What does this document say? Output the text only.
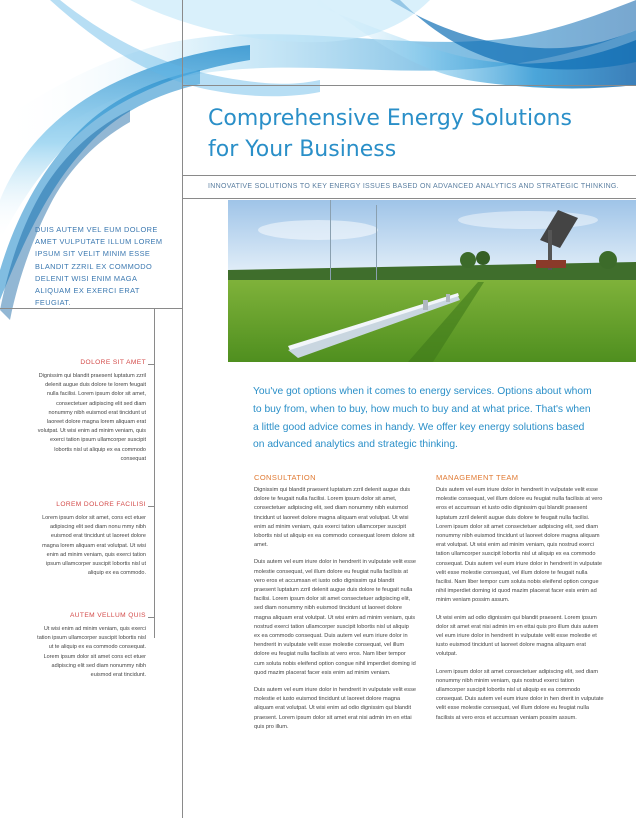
Comprehensive Energy Solutions
for Your Business
INNOVATIVE SOLUTIONS TO KEY ENERGY ISSUES BASED ON ADVANCED ANALYTICS AND STRATEGIC THINKING.
DUIS AUTEM VEL EUM DOLORE AMET VULPUTATE ILLUM LOREM IPSUM SIT VELIT MINIM ESSE BLANDIT ZZRIL EX COMMODO DELENIT WISI ENIM MAGA ALIQUAM EX EXERCI ERAT FEUGIAT.
You've got options when it comes to energy services. Options about whom to buy from, when to buy, how much to buy and at what price. That's when a little good advice comes in handy. We offer key energy solutions based on advanced analytics and strategic thinking.
DOLORE SIT AMET
Dignissim qui blandit praesent luptatum zzril delenit augue duis dolore te lorem feugait nulla facilisi. Lorem ipsum dolor sit amet, consectetuer adipiscing elit sed diam nonummy nibh euismod erat tincidunt ut laoreet dolore magna lorem aliquam erat volutpat. Ut wisi enim ad minim veniam, quis exerci tation ipsum ullamcorper suscipit lobortis nisl ut aliquip ex ea commodo consequat
LOREM DOLORE FACILISI
Lorem ipsum dolor sit amet, cons ect etuer adipiscing elit sed diam nonu mmy nibh euismod erat tincidunt ut laoreet dolore magna lorem aliquam erat volutpat. Ut wisi enim ad minim veniam, quis exerci tation ipsum ullamcorper suscipit lobortis nisl ut aliquip ex ea commodo.
AUTEM VELLUM QUIS
Ut wisi enim ad minim veniam, quis exerci tation ipsum ullamcorper suscipit lobortis nisl ut te aliquip ex ea commodo consequat. Lorem ipsum dolor sit amet cons ect etuer adipiscing elit sed diam nonummy nibh euismod erat tincidunt.
CONSULTATION

Dignissim qui blandit praesent luptatum zzril delenit augue duis dolore te feugait nulla facilisi. Lorem ipsum dolor sit amet, consectetuer adipiscing elit, sed diam nonummy nibh euismod tincidunt ut laoreet dolore magna aliquam erat volutpat. Ut wisi enim ad minim veniam, quis exerci tation ullamcorper suscipit lobortis nisl ut aliquip ex ea commodo consequat lorem dolore sit amet.

Duis autem vel eum iriure dolor in hendrerit in vulputate velit esse molestie consequat, vel illum dolore eu feugiat nulla facilisis at vero eros et accumsan et iusto odio dignissim qui blandit praesent luptatum zzril delenit augue duis dolore te feugait nulla facilisi. Lorem ipsum dolor sit amet consectetuer adipiscing elit, sed diam nonummy nibh euismod tincidunt ut laoreet dolore magna aliquam erat volutpat. Ut wisi enim ad minim veniam, quis nostrud exerci tation ullamcorper suscipit lobortis nisl ut aliquip ex ea commodo consequat. Duis autem vel eum iriure dolor in hendrerit in vulputate velit esse molestie consequat, vel illum dolore eu feugiat nulla facilisis at vero eros. Nam liber tempor cum soluta nobis eleifend option congue nihil imperdiet doming id quod mazim placerat facer esis enim ad minim veniam.

Duis autem vel eum iriure dolor in hendrerit in vulputate velit esse molestie et iusto euismod tincidunt ut laoreet dolore magna aliquam erat volutpat. Ut wisi enim ad odio dignissim qui blandit praesent. Lorem ipsum dolor sit amet erat nisi admin im en ettai quis pro illum.

MANAGEMENT TEAM

Duis autem vel eum iriure dolor in hendrerit in vulputate velit esse molestie consequat, vel illum dolore eu feugiat nulla facilisis at vero eros et accumsan et iusto odio dignissim qui blandit praesent luptatum zzril delenit augue duis dolore te feugait nulla facilisi. Lorem ipsum dolor sit amet consectetuer adipiscing elit, sed diam nonummy nibh euismod tincidunt ut laoreet dolore magna aliquam erat volutpat. Ut wisi enim ad minim veniam, quis nostrud exerci tation ullamcorper suscipit lobortis nisl ut aliquip ex ea commodo consequat. Duis autem vel eum iriure dolor in hendrerit in vulputate velit esse molestie consequat, vel illum dolore te feugait nulla facilisi. Nam liber tempor cum soluta nobis eleifend option congue nihil imperdiet doming id quod mazim placerat facer esis enim ad minim veniam possim assum.

Ut wisi enim ad odio dignissim qui blandit praesent. Lorem ipsum dolor sit amet erat nisi admin im en ettai quis pro illum duis autem vel eum iriure dolor in hendrerit in vulputate velit esse molestie et iusto euismod tincidunt ut laoreet dolore magna aliquam erat volutpat.

Lorem ipsum dolor sit amet consectetuer adipiscing elit, sed diam nonummy nibh minim veniam, quis nostrud exerci tation ullamcorper suscipit lobortis nisl ut aliquip ex ea commodo consequat. Duis autem vel eum iriure dolor in hen drerit in vulputate velit esse molestie consequat, vel illum dolore eu feugiat nulla facilisis at vero eros et accumsan veniam possim assum.
